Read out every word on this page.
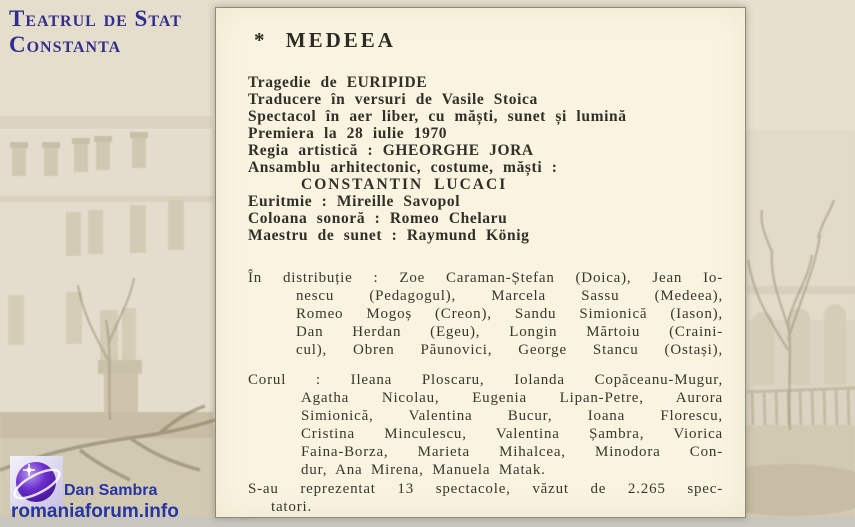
Teatrul de Stat
Constanta	* MEDEEA
Tragedie de EURIPIDE
Traducere în versuri de Vasile Stoica
Spectacol în aer liber, cu măști, sunet și lumină
Premiera la 28 iulie 1970
Regia artistică : GHEORGHE JORA
Ansamblu arhitectonic, costume, măști :
CONSTANTIN LUCACI
Euritmie : Mireille Savopol
Coloana sonoră : Romeo Chelaru
Maestru de sunet : Raymund König
În distribuție : Zoe Caraman-Ștefan (Doica), Jean Io-
nescu (Pedagogul), Marcela Sassu (Medeea),
Romeo Mogoș (Creon), Sandu Simionică (Iason),
Dan Herdan (Egeu), Longin Mărtoiu (Craini-
cul), Obren Păunovici, George Stancu (Ostași),
Corul : Ileana Ploscaru, Iolanda Copăceanu-Mugur,
Agatha Nicolau, Eugenia Lipan-Petre, Aurora
Simionică, Valentina Bucur, Ioana Florescu,
Cristina Minculescu, Valentina Șambra, Viorica
Faina-Borza, Marieta Mihalcea, Minodora Con-
dur, Ana Mirena, Manuela Matak.
S-au reprezentat 13 spectacole, văzut de 2.265 spec-
tatori.
Dan Sambra
romaniaforum.info
